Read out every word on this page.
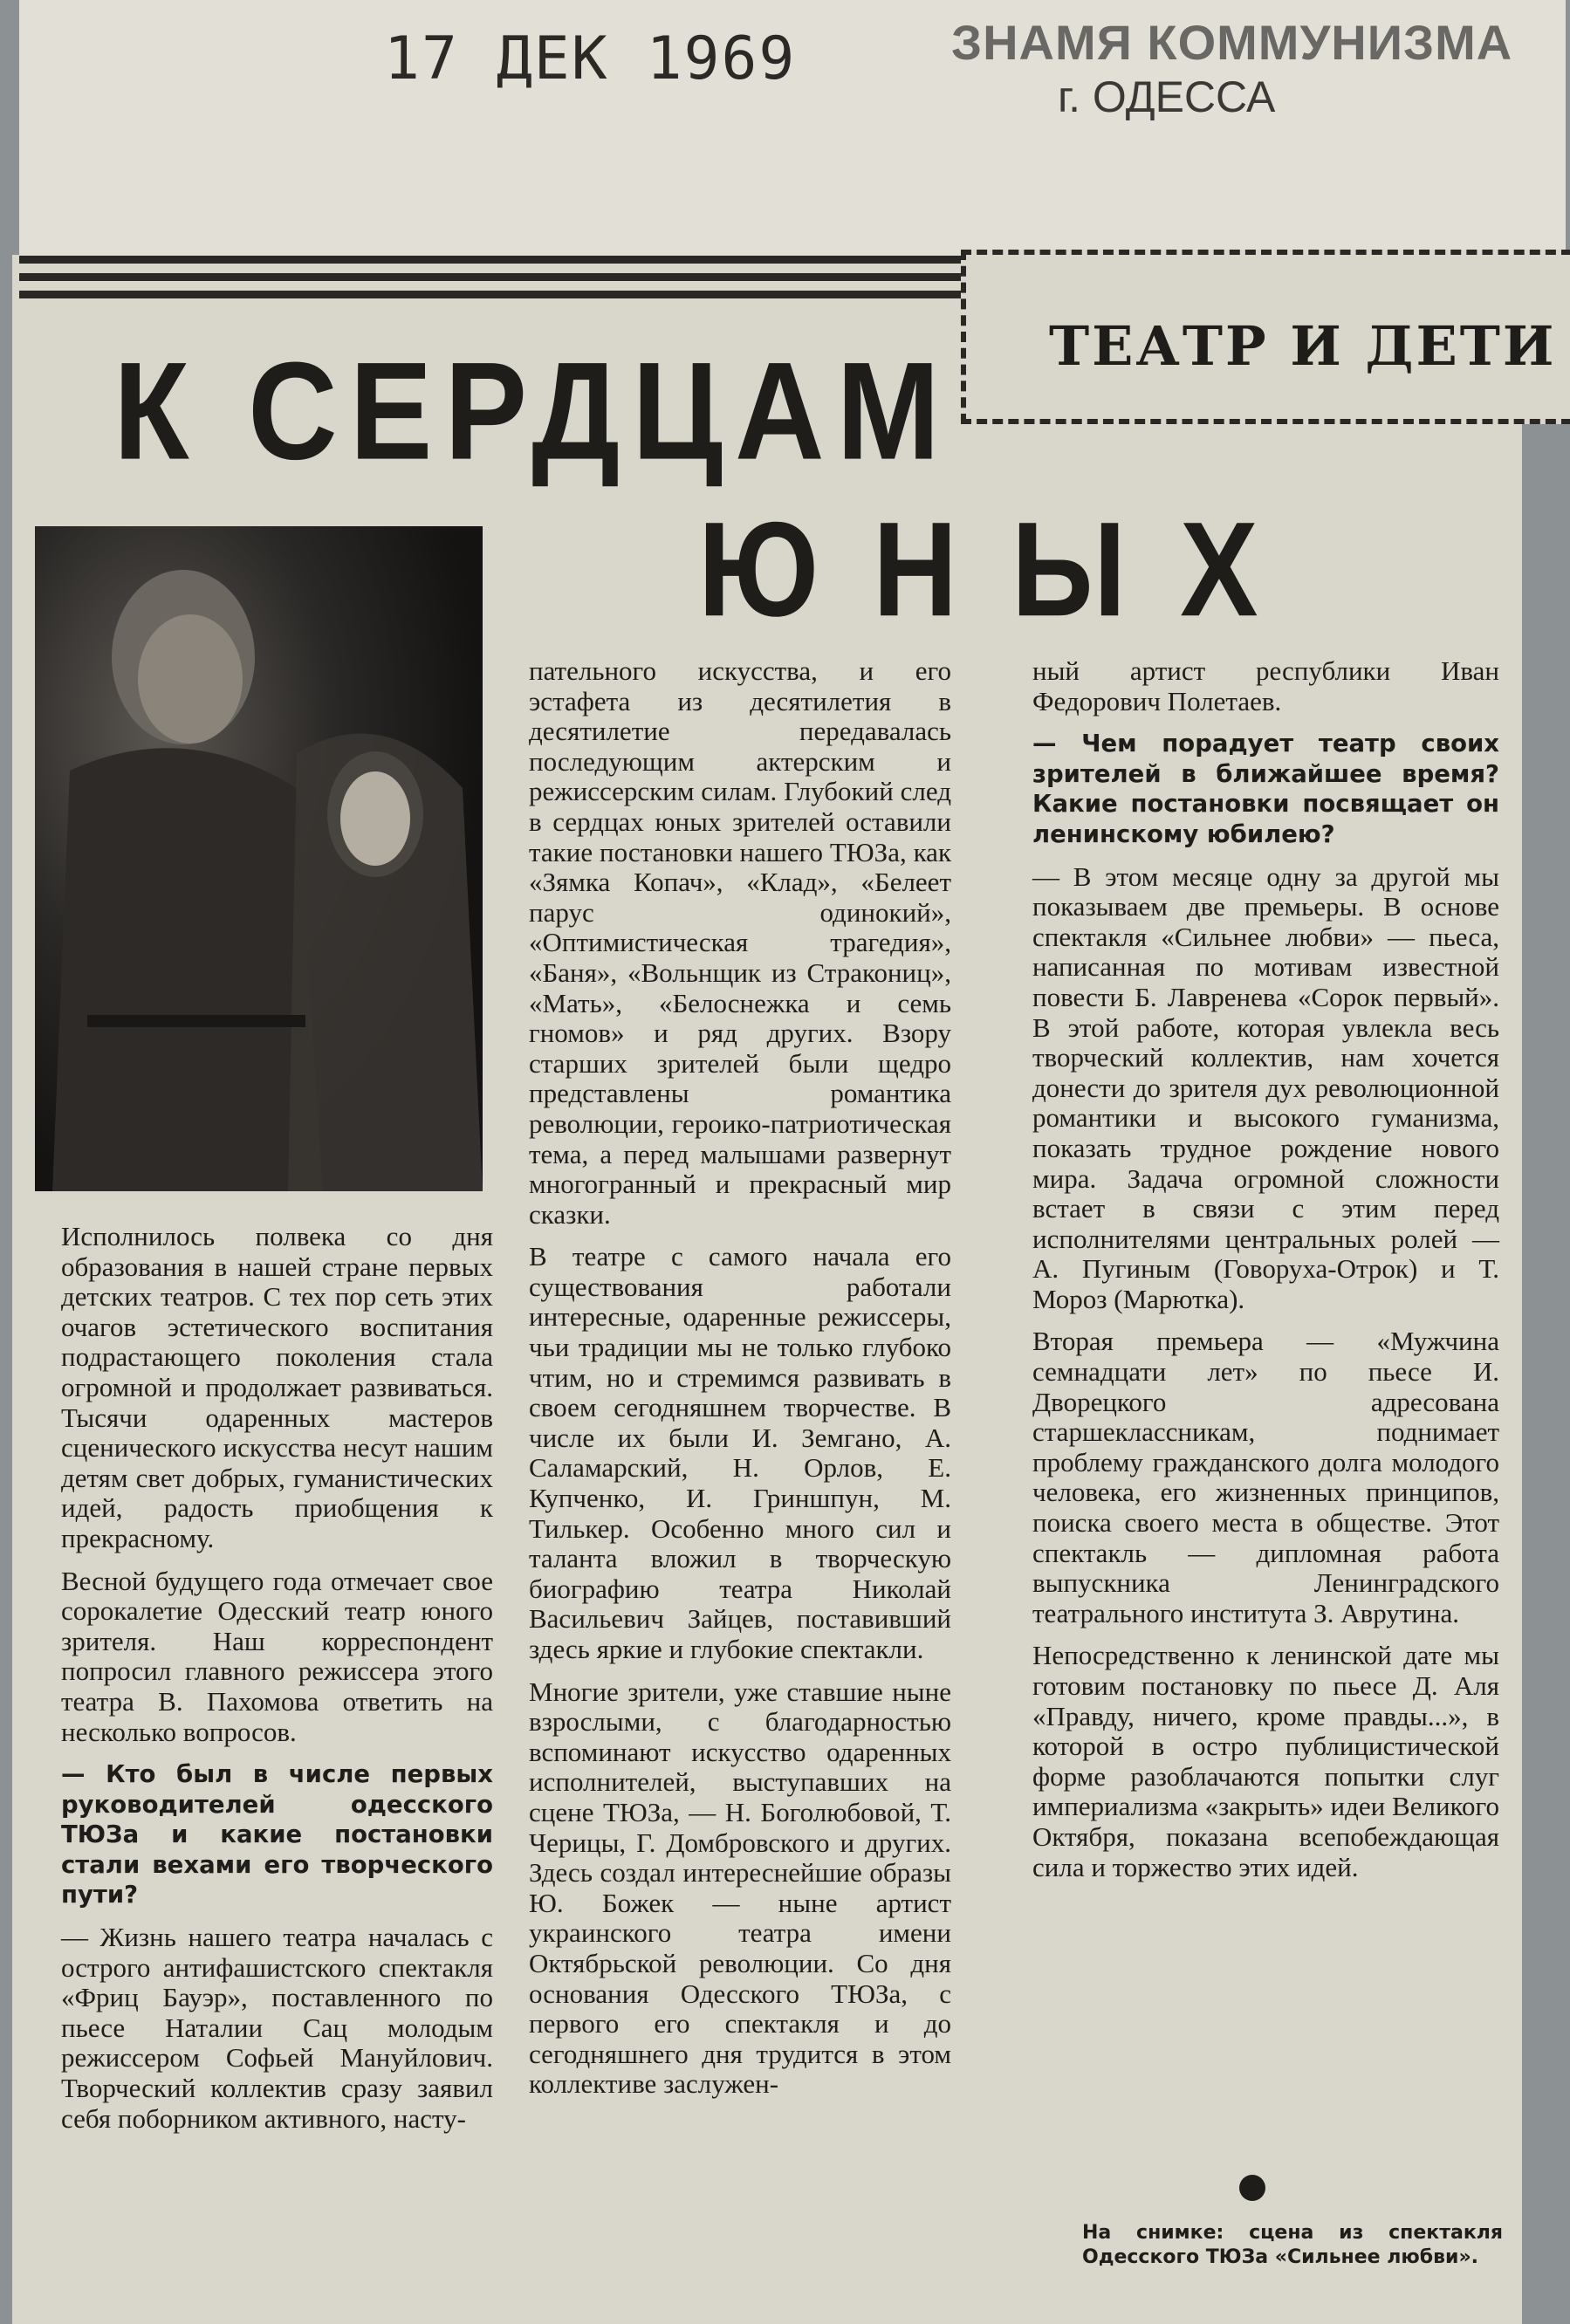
17 ДЕК 1969	ЗНАМЯ КОММУНИЗМА
г. ОДЕССА
ТЕАТР И ДЕТИ
К СЕРДЦАМ
ЮНЫХ

Исполнилось полвека со дня образования в нашей стране первых детских театров. С тех пор сеть этих очагов эстетического воспитания подрастающего поколения стала огромной и продолжает развиваться. Тысячи одаренных мастеров сценического искусства несут нашим детям свет добрых, гуманистических идей, радость приобщения к прекрасному.

Весной будущего года отмечает свое сорокалетие Одесский театр юного зрителя. Наш корреспондент попросил главного режиссера этого театра В. Пахомова ответить на несколько вопросов.

— Кто был в числе первых руководителей одесского ТЮЗа и какие постановки стали вехами его творческого пути?

— Жизнь нашего театра началась с острого антифашистского спектакля «Фриц Бауэр», поставленного по пьесе Наталии Сац молодым режиссером Софьей Мануйлович. Творческий коллектив сразу заявил себя поборником активного, насту-

пательного искусства, и его эстафета из десятилетия в десятилетие передавалась последующим актерским и режиссерским силам. Глубокий след в сердцах юных зрителей оставили такие постановки нашего ТЮЗа, как «Зямка Копач», «Клад», «Белеет парус одинокий», «Оптимистическая трагедия», «Баня», «Вольнщик из Стракониц», «Мать», «Белоснежка и семь гномов» и ряд других. Взору старших зрителей были щедро представлены романтика революции, героико-патриотическая тема, а перед малышами развернут многогранный и прекрасный мир сказки.

В театре с самого начала его существования работали интересные, одаренные режиссеры, чьи традиции мы не только глубоко чтим, но и стремимся развивать в своем сегодняшнем творчестве. В числе их были И. Земгано, А. Саламарский, Н. Орлов, Е. Купченко, И. Гриншпун, М. Тилькер. Особенно много сил и таланта вложил в творческую биографию театра Николай Васильевич Зайцев, поставивший здесь яркие и глубокие спектакли.

Многие зрители, уже ставшие ныне взрослыми, с благодарностью вспоминают искусство одаренных исполнителей, выступавших на сцене ТЮЗа, — Н. Боголюбовой, Т. Черицы, Г. Домбровского и других. Здесь создал интереснейшие образы Ю. Божек — ныне артист украинского театра имени Октябрьской революции. Со дня основания Одесского ТЮЗа, с первого его спектакля и до сегодняшнего дня трудится в этом коллективе заслужен-

ный артист республики Иван Федорович Полетаев.

— Чем порадует театр своих зрителей в ближайшее время? Какие постановки посвящает он ленинскому юбилею?

— В этом месяце одну за другой мы показываем две премьеры. В основе спектакля «Сильнее любви» — пьеса, написанная по мотивам известной повести Б. Лавренева «Сорок первый». В этой работе, которая увлекла весь творческий коллектив, нам хочется донести до зрителя дух революционной романтики и высокого гуманизма, показать трудное рождение нового мира. Задача огромной сложности встает в связи с этим перед исполнителями центральных ролей — А. Пугиным (Говоруха-Отрок) и Т. Мороз (Марютка).

Вторая премьера — «Мужчина семнадцати лет» по пьесе И. Дворецкого адресована старшеклассникам, поднимает проблему гражданского долга молодого человека, его жизненных принципов, поиска своего места в обществе. Этот спектакль — дипломная работа выпускника Ленинградского театрального института З. Аврутина.

Непосредственно к ленинской дате мы готовим постановку по пьесе Д. Аля «Правду, ничего, кроме правды...», в которой в остро публицистической форме разоблачаются попытки слуг империализма «закрыть» идеи Великого Октября, показана всепобеждающая сила и торжество этих идей.

На снимке: сцена из спектакля Одесского ТЮЗа «Сильнее любви».
